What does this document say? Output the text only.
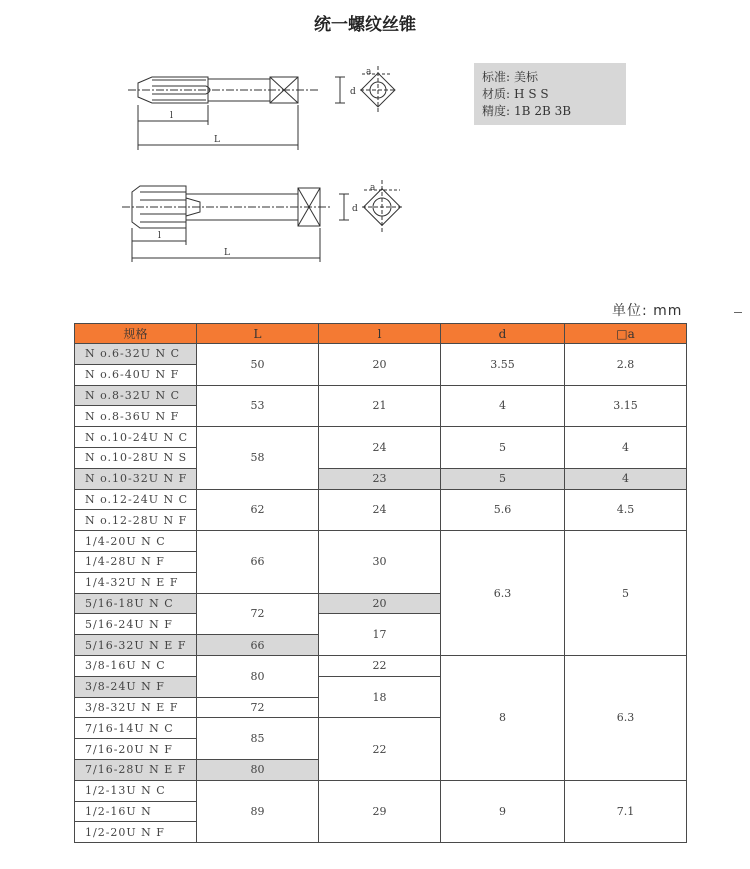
统一螺纹丝锥
d
a
l
L
d
a
l
L
标准: 美标
材质: H S S
精度: 1B 2B 3B
单位: mm
规格	L	l	d	□a
N o.6-32U N C	50	20	3.55	2.8
N o.6-40U N F				
N o.8-32U N C	53	21	4	3.15
N o.8-36U N F				
N o.10-24U N C	58	24	5	4
N o.10-28U N S				
N o.10-32U N F		23	5	4
N o.12-24U N C	62	24	5.6	4.5
N o.12-28U N F				
1/4-20U N C	66	30	6.3	5
1/4-28U N F				
1/4-32U N E F				
5/16-18U N C	72	20		
5/16-24U N F		17		
5/16-32U N E F	66			
3/8-16U N C	80	22	8	6.3
3/8-24U N F		18		
3/8-32U N E F	72			
7/16-14U N C	85	22		
7/16-20U N F				
7/16-28U N E F	80			
1/2-13U N C	89	29	9	7.1
1/2-16U N				
1/2-20U N F				
